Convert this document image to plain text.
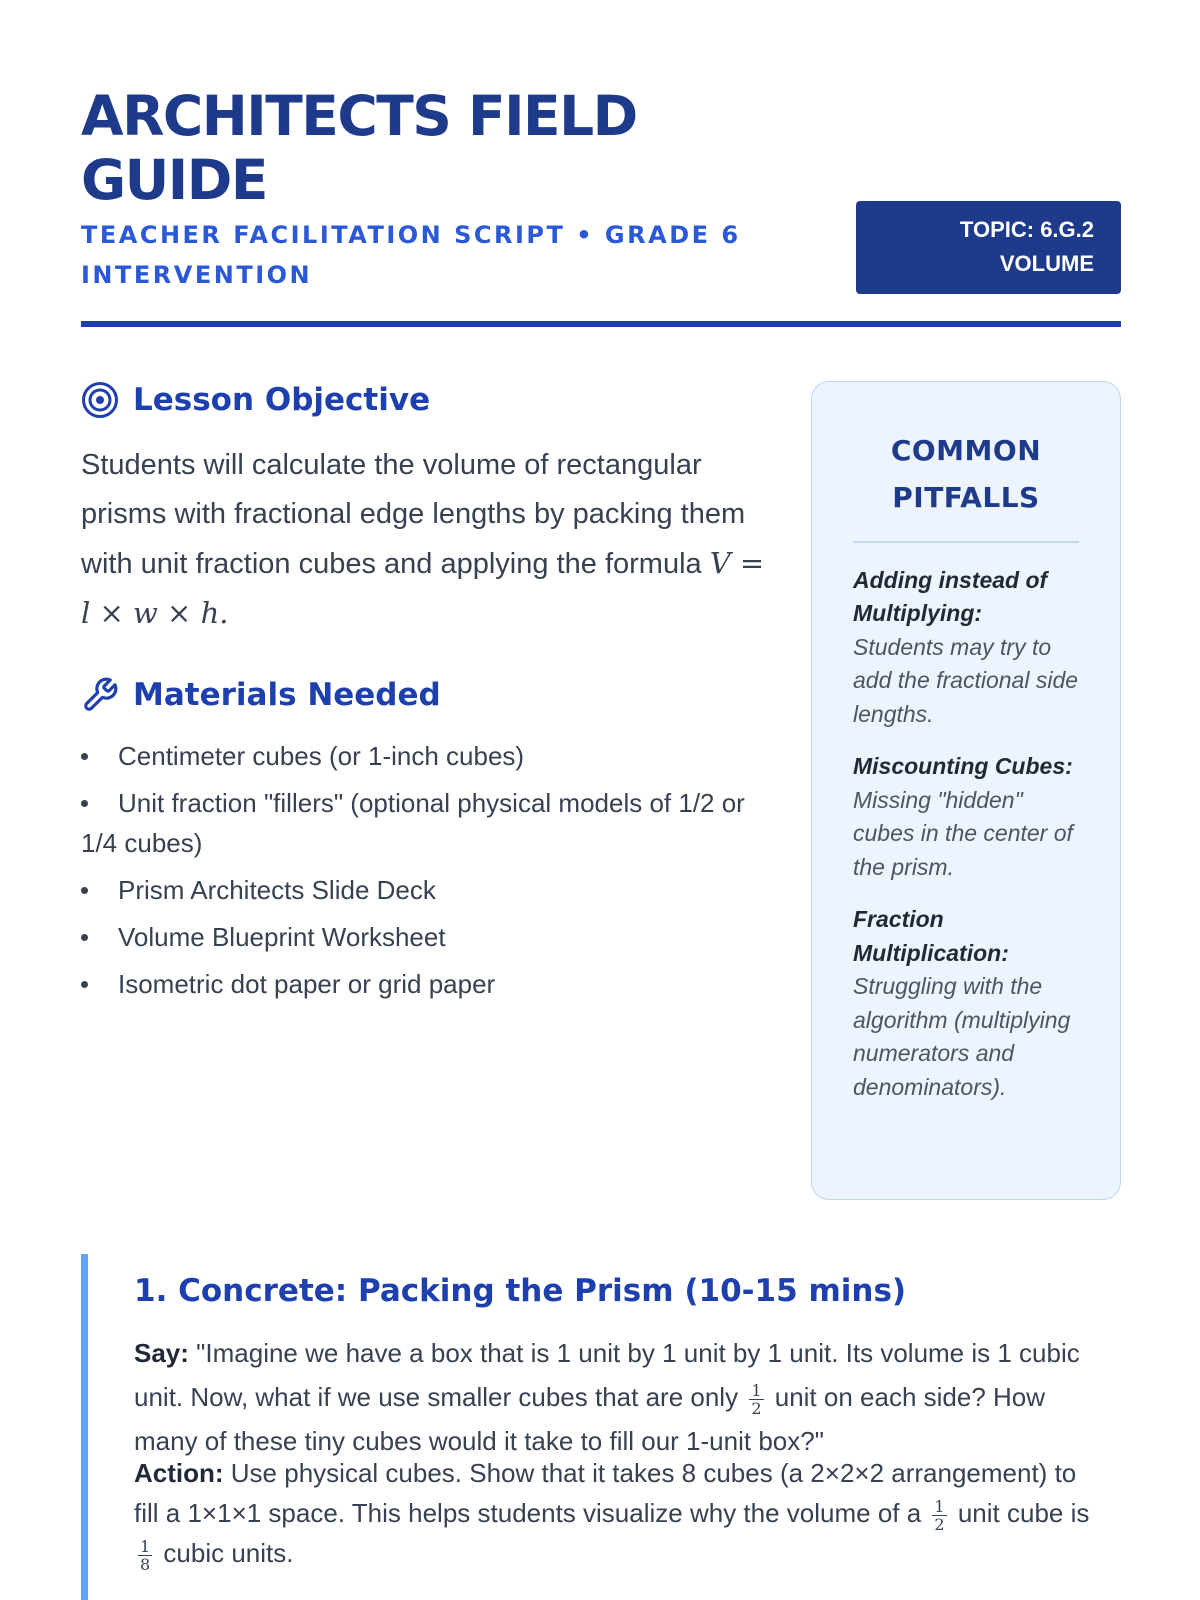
ARCHITECTS FIELD GUIDE
TEACHER FACILITATION SCRIPT • GRADE 6 INTERVENTION
TOPIC: 6.G.2
VOLUME
Lesson Objective
Students will calculate the volume of rectangular prisms with fractional edge lengths by packing them with unit fraction cubes and applying the formula V = l × w × h.
Materials Needed
Centimeter cubes (or 1-inch cubes)
Unit fraction "fillers" (optional physical models of 1/2 or 1/4 cubes)
Prism Architects Slide Deck
Volume Blueprint Worksheet
Isometric dot paper or grid paper
COMMON PITFALLS
Adding instead of Multiplying: Students may try to add the fractional side lengths.
Miscounting Cubes: Missing "hidden" cubes in the center of the prism.
Fraction Multiplication: Struggling with the algorithm (multiplying numerators and denominators).
1. Concrete: Packing the Prism (10-15 mins)
Say: "Imagine we have a box that is 1 unit by 1 unit by 1 unit. Its volume is 1 cubic unit. Now, what if we use smaller cubes that are only $\frac{1}{2}$ unit on each side? How many of these tiny cubes would it take to fill our 1-unit box?"
Action: Use physical cubes. Show that it takes 8 cubes (a 2×2×2 arrangement) to fill a 1×1×1 space. This helps students visualize why the volume of a $\frac{1}{2}$ unit cube is
$\frac{1}{8}$ cubic units.
